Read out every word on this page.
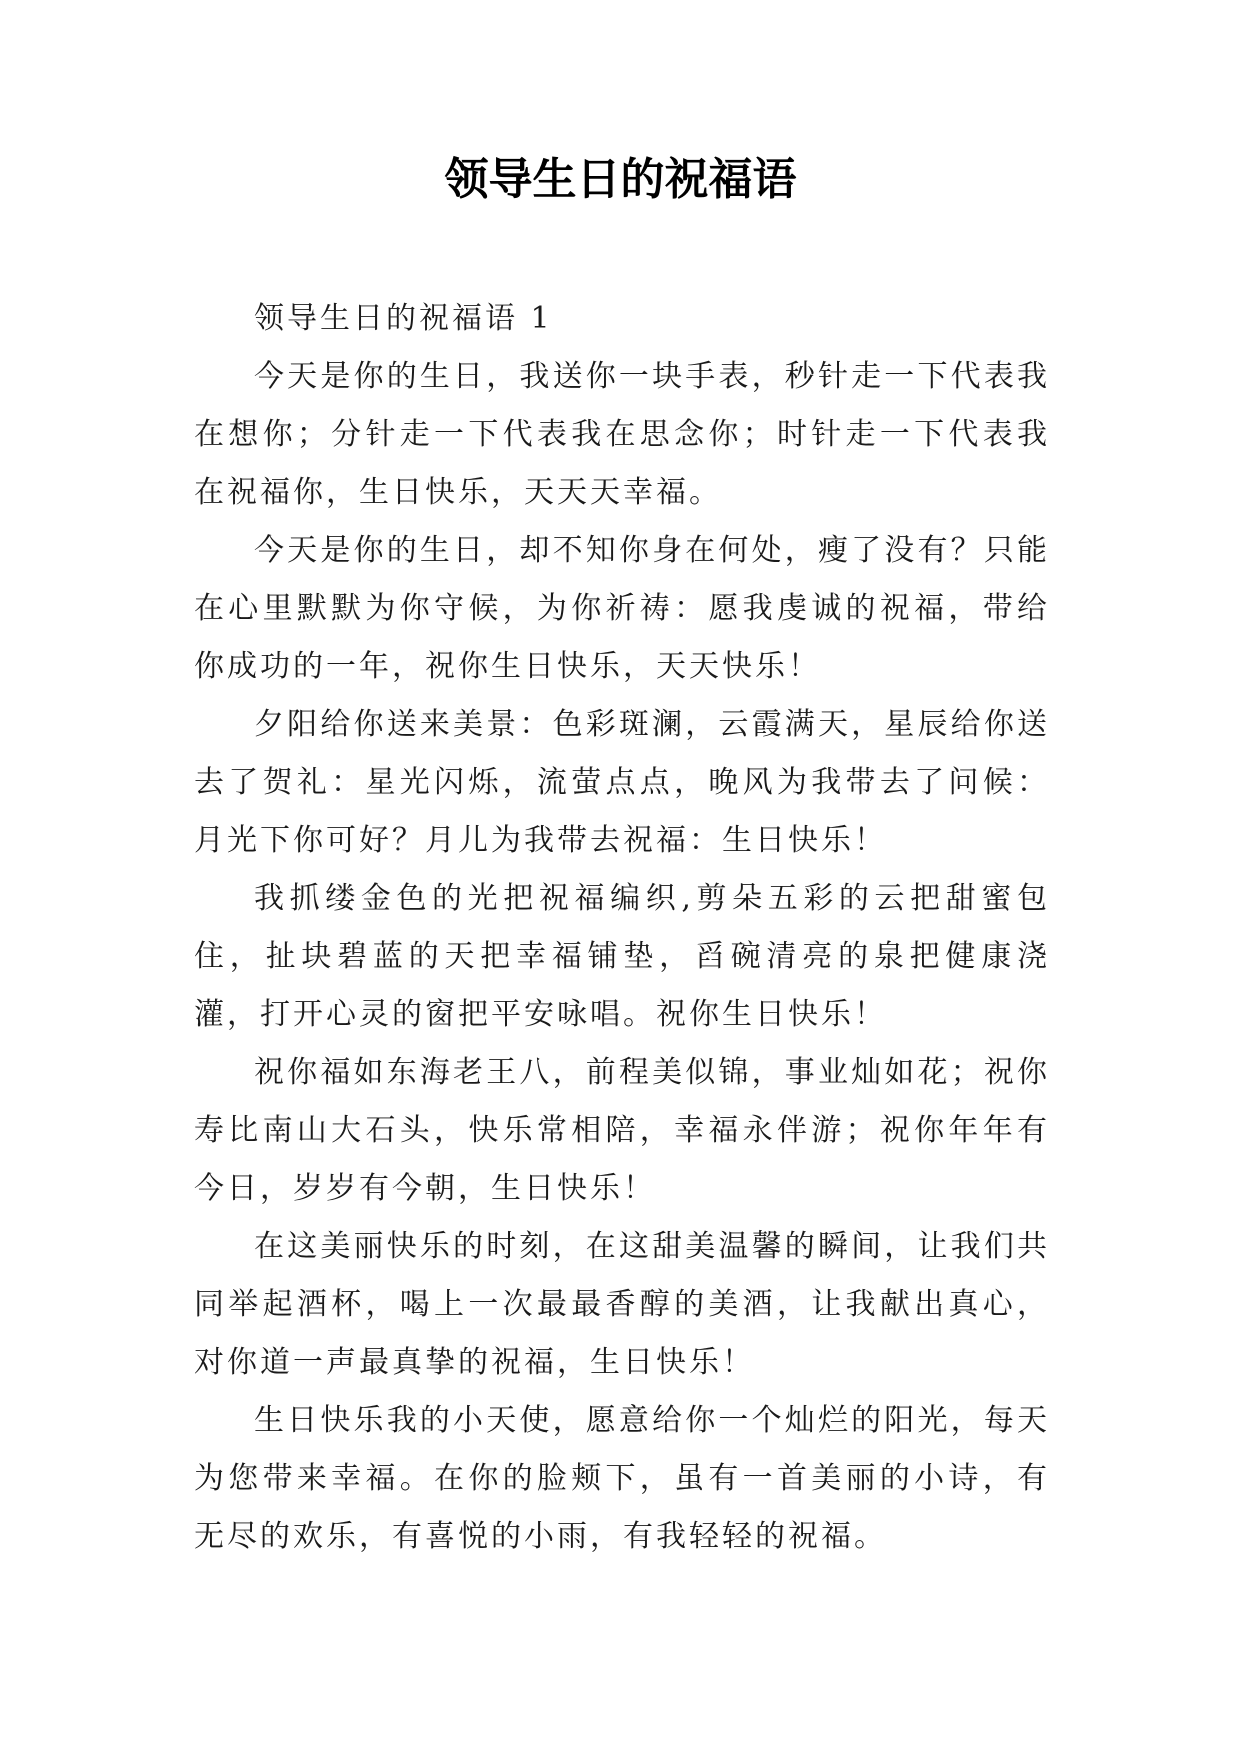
领导生日的祝福语

领导生日的祝福语 1

今天是你的生日，我送你一块手表，秒针走一下代表我在想你；分针走一下代表我在思念你；时针走一下代表我在祝福你，生日快乐，天天天幸福。

今天是你的生日，却不知你身在何处，瘦了没有？只能在心里默默为你守候，为你祈祷：愿我虔诚的祝福，带给你成功的一年，祝你生日快乐，天天快乐！

夕阳给你送来美景：色彩斑澜，云霞满天，星辰给你送去了贺礼：星光闪烁，流萤点点，晚风为我带去了问候：月光下你可好？月儿为我带去祝福：生日快乐！

我抓缕金色的光把祝福编织,剪朵五彩的云把甜蜜包住，扯块碧蓝的天把幸福铺垫，舀碗清亮的泉把健康浇灌，打开心灵的窗把平安咏唱。祝你生日快乐！

祝你福如东海老王八，前程美似锦，事业灿如花；祝你寿比南山大石头，快乐常相陪，幸福永伴游；祝你年年有今日，岁岁有今朝，生日快乐！

在这美丽快乐的时刻，在这甜美温馨的瞬间，让我们共同举起酒杯，喝上一次最最香醇的美酒，让我献出真心，对你道一声最真挚的祝福，生日快乐！

生日快乐我的小天使，愿意给你一个灿烂的阳光，每天为您带来幸福。在你的脸颊下，虽有一首美丽的小诗，有无尽的欢乐，有喜悦的小雨，有我轻轻的祝福。
